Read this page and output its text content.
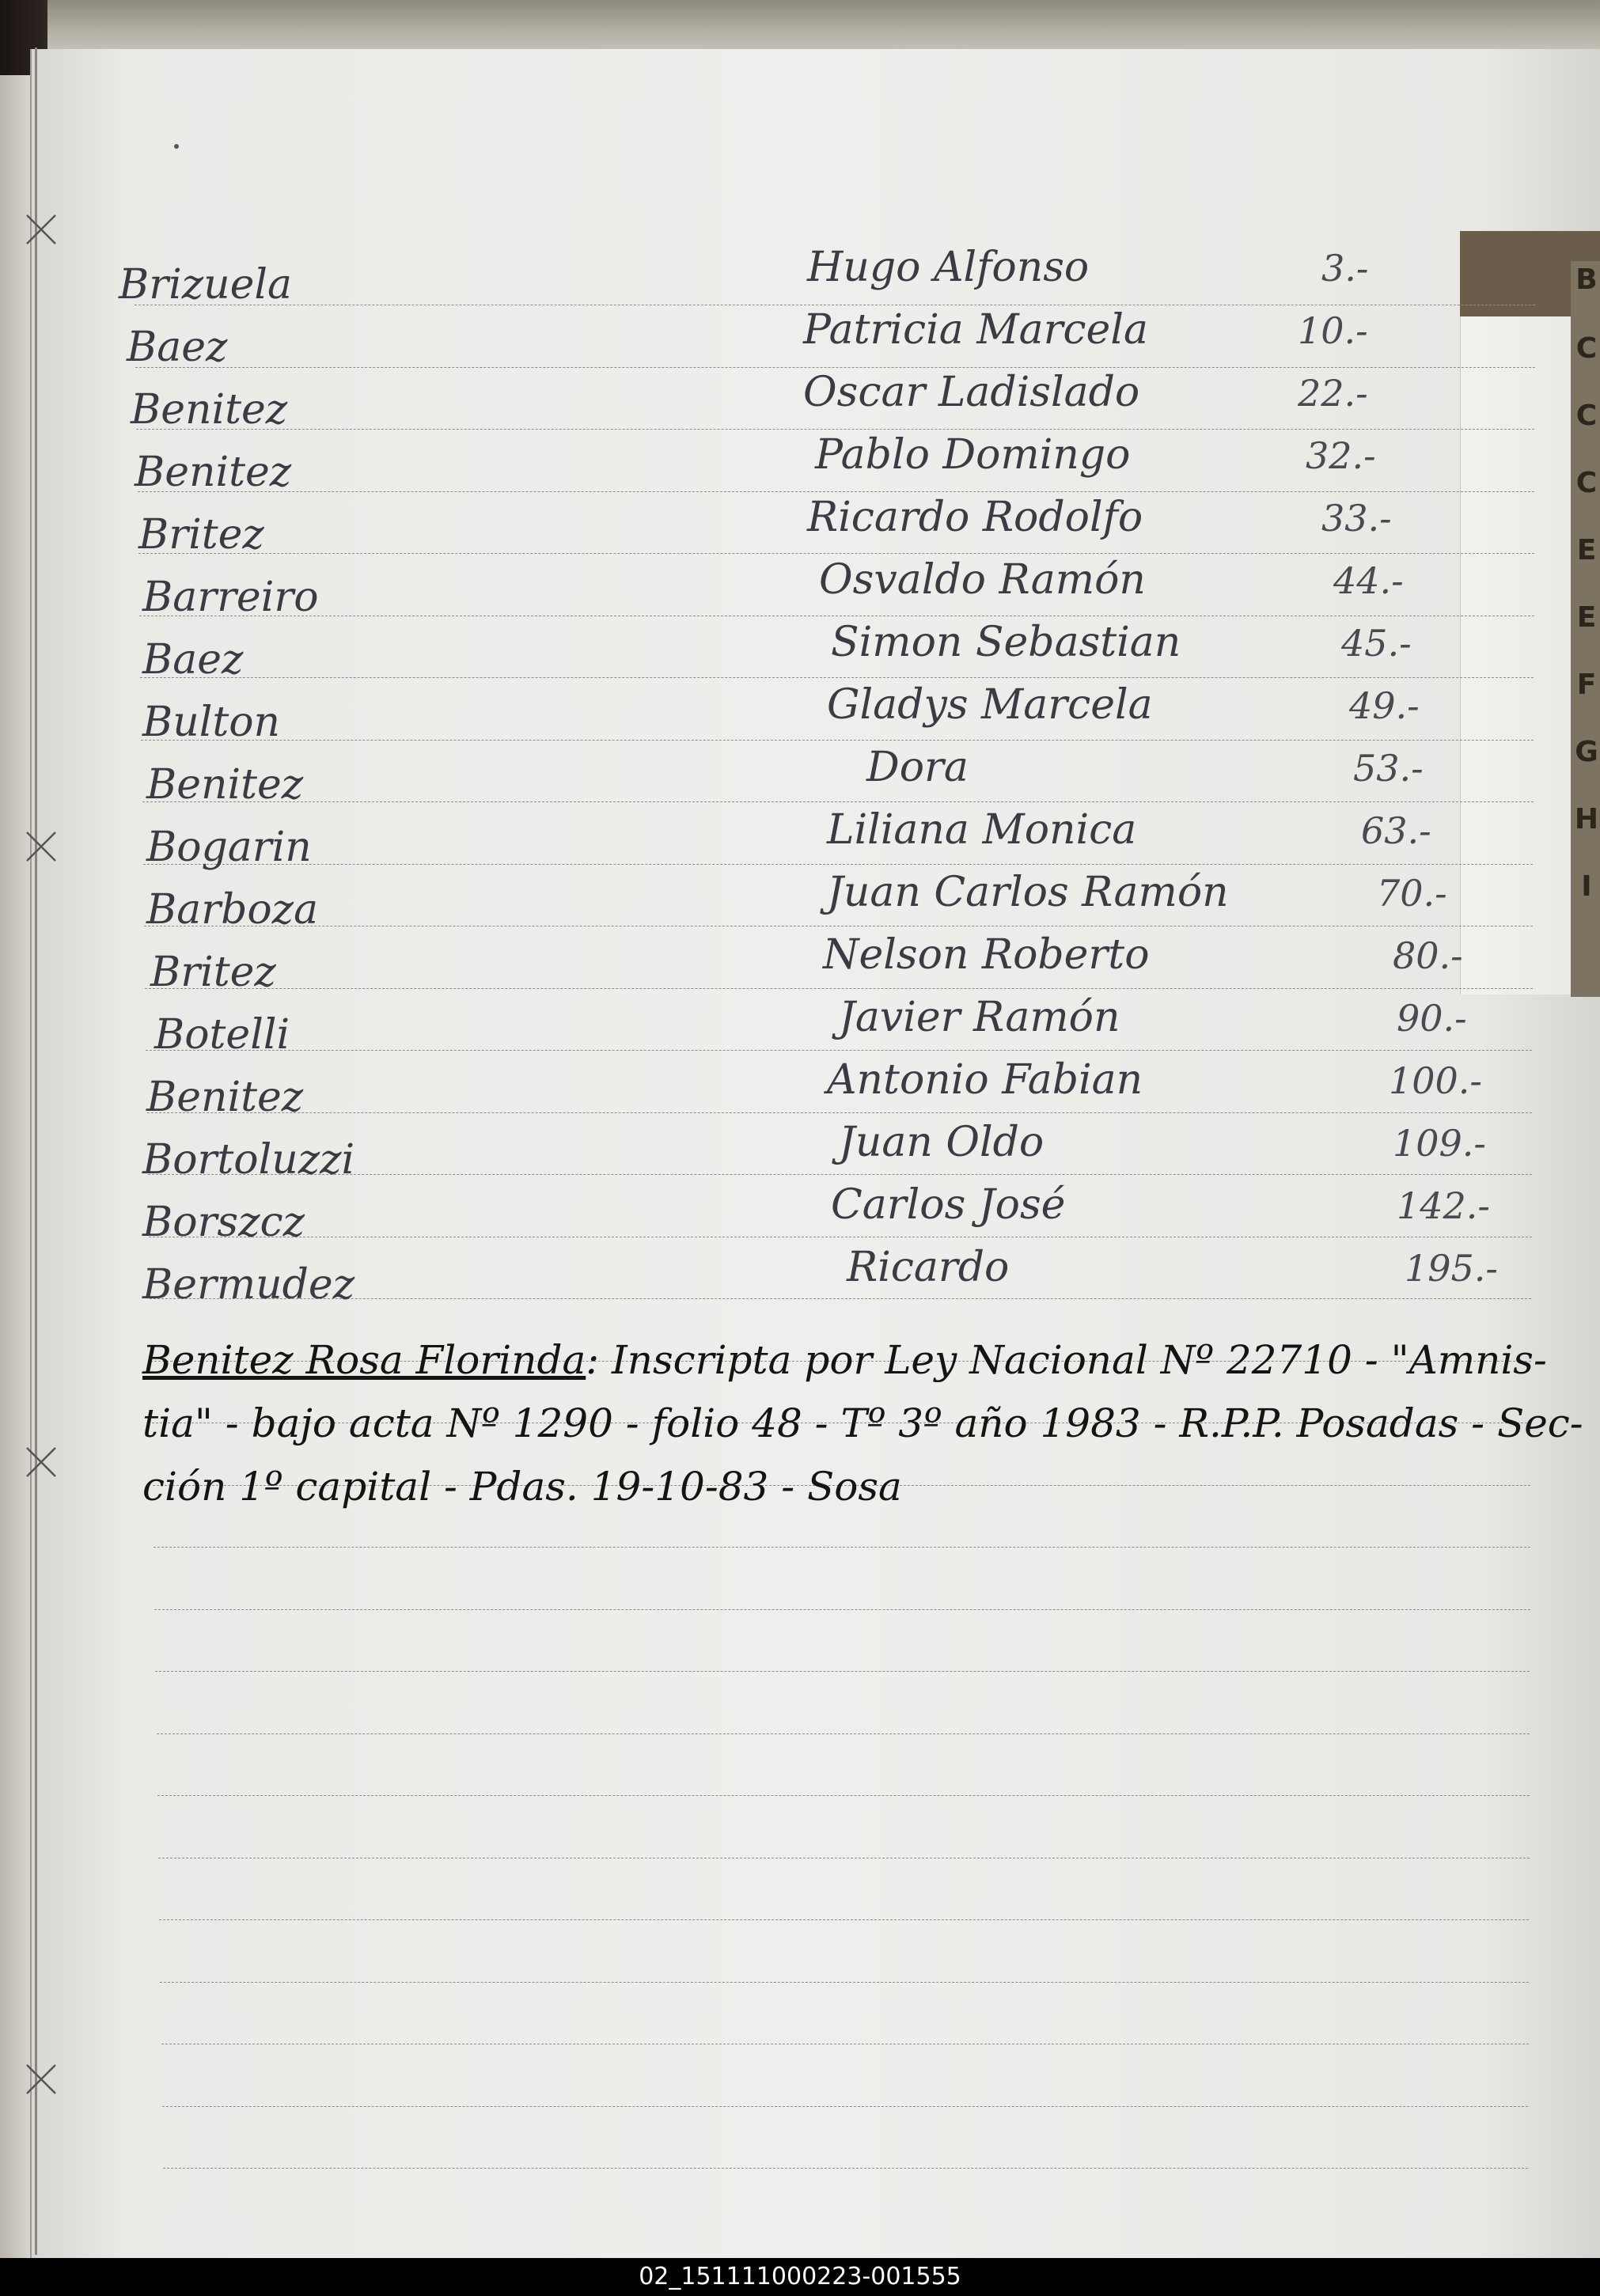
B
C
C
C
E
E
F
G
H
I
Brizuela	Hugo Alfonso	3.-
Baez	Patricia Marcela	10.-
Benitez	Oscar Ladislado	22.-
Benitez	Pablo Domingo	32.-
Britez	Ricardo Rodolfo	33.-
Barreiro	Osvaldo Ramón	44.-
Baez	Simon Sebastian	45.-
Bulton	Gladys Marcela	49.-
Benitez	Dora	53.-
Bogarin	Liliana Monica	63.-
Barboza	Juan Carlos Ramón	70.-
Britez	Nelson Roberto	80.-
Botelli	Javier Ramón	90.-
Benitez	Antonio Fabian	100.-
Bortoluzzi	Juan Oldo	109.-
Borszcz	Carlos José	142.-
Bermudez	Ricardo	195.-
Benitez Rosa Florinda: Inscripta por Ley Nacional Nº 22710 - "Amnis-
tia" - bajo acta Nº 1290 - folio 48 - Tº 3º año 1983 - R.P.P. Posadas - Sec-
ción 1º capital - Pdas. 19-10-83 - Sosa
02_151111000223-001555
